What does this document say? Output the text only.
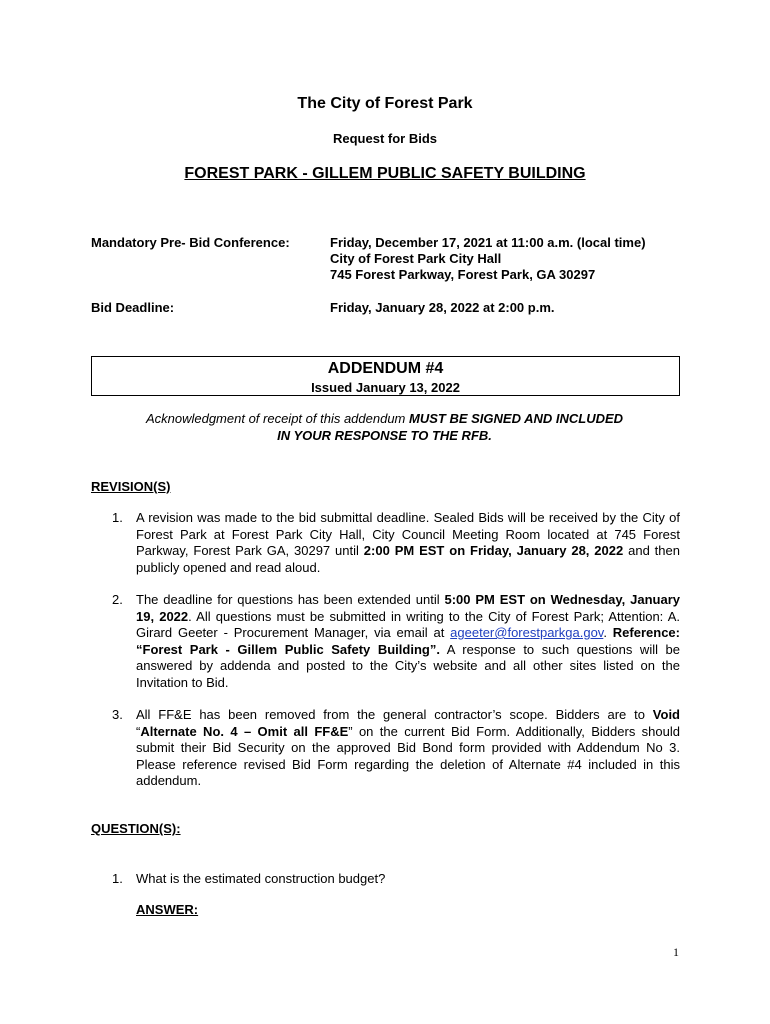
The City of Forest Park
Request for Bids
FOREST PARK - GILLEM PUBLIC SAFETY BUILDING
Mandatory Pre- Bid Conference:	Friday, December 17, 2021 at 11:00 a.m. (local time)
City of Forest Park City Hall
745 Forest Parkway, Forest Park, GA 30297
Bid Deadline:	Friday, January 28, 2022 at 2:00 p.m.
ADDENDUM #4
Issued January 13, 2022
Acknowledgment of receipt of this addendum MUST BE SIGNED AND INCLUDED
IN YOUR RESPONSE TO THE RFB.
REVISION(S)
1. A revision was made to the bid submittal deadline. Sealed Bids will be received by the City of Forest Park at Forest Park City Hall, City Council Meeting Room located at 745 Forest Parkway, Forest Park GA, 30297 until 2:00 PM EST on Friday, January 28, 2022 and then publicly opened and read aloud.
2. The deadline for questions has been extended until 5:00 PM EST on Wednesday, January 19, 2022. All questions must be submitted in writing to the City of Forest Park; Attention: A. Girard Geeter - Procurement Manager, via email at ageeter@forestparkga.gov. Reference: “Forest Park - Gillem Public Safety Building”. A response to such questions will be answered by addenda and posted to the City’s website and all other sites listed on the Invitation to Bid.
3. All FF&E has been removed from the general contractor’s scope. Bidders are to Void “Alternate No. 4 – Omit all FF&E” on the current Bid Form. Additionally, Bidders should submit their Bid Security on the approved Bid Bond form provided with Addendum No 3. Please reference revised Bid Form regarding the deletion of Alternate #4 included in this addendum.
QUESTION(S):
1. What is the estimated construction budget?
ANSWER:
1
